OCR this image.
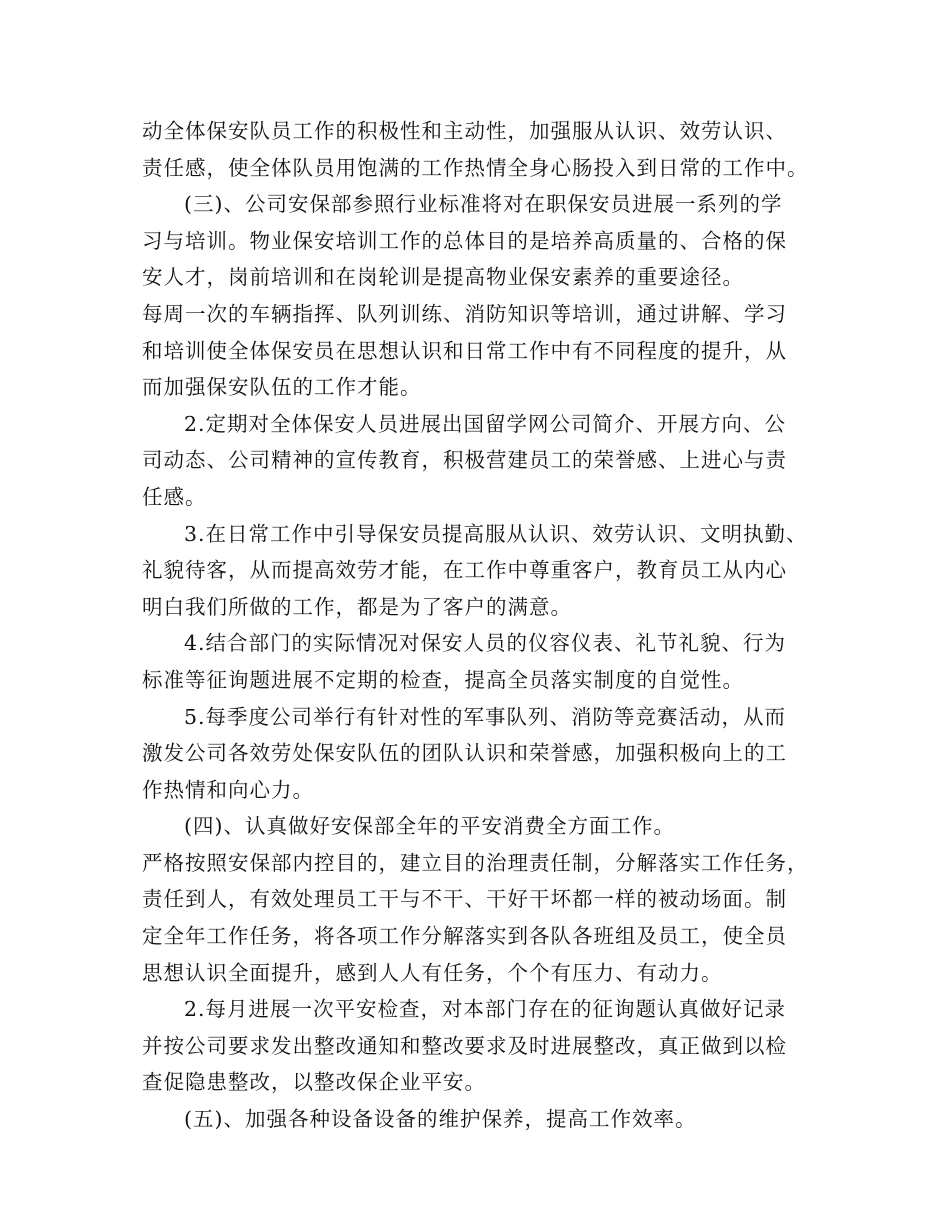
动全体保安队员工作的积极性和主动性，加强服从认识、效劳认识、
责任感，使全体队员用饱满的工作热情全身心肠投入到日常的工作中。
(三)、公司安保部参照行业标准将对在职保安员进展一系列的学
习与培训。物业保安培训工作的总体目的是培养高质量的、合格的保
安人才，岗前培训和在岗轮训是提高物业保安素养的重要途径。
每周一次的车辆指挥、队列训练、消防知识等培训，通过讲解、学习
和培训使全体保安员在思想认识和日常工作中有不同程度的提升，从
而加强保安队伍的工作才能。
2.定期对全体保安人员进展出国留学网公司简介、开展方向、公
司动态、公司精神的宣传教育，积极营建员工的荣誉感、上进心与责
任感。
3.在日常工作中引导保安员提高服从认识、效劳认识、文明执勤、
礼貌待客，从而提高效劳才能，在工作中尊重客户，教育员工从内心
明白我们所做的工作，都是为了客户的满意。
4.结合部门的实际情况对保安人员的仪容仪表、礼节礼貌、行为
标准等征询题进展不定期的检查，提高全员落实制度的自觉性。
5.每季度公司举行有针对性的军事队列、消防等竞赛活动，从而
激发公司各效劳处保安队伍的团队认识和荣誉感，加强积极向上的工
作热情和向心力。
(四)、认真做好安保部全年的平安消费全方面工作。
严格按照安保部内控目的，建立目的治理责任制，分解落实工作任务，
责任到人，有效处理员工干与不干、干好干坏都一样的被动场面。制
定全年工作任务，将各项工作分解落实到各队各班组及员工，使全员
思想认识全面提升，感到人人有任务，个个有压力、有动力。
2.每月进展一次平安检查，对本部门存在的征询题认真做好记录
并按公司要求发出整改通知和整改要求及时进展整改，真正做到以检
查促隐患整改，以整改保企业平安。
(五)、加强各种设备设备的维护保养，提高工作效率。
